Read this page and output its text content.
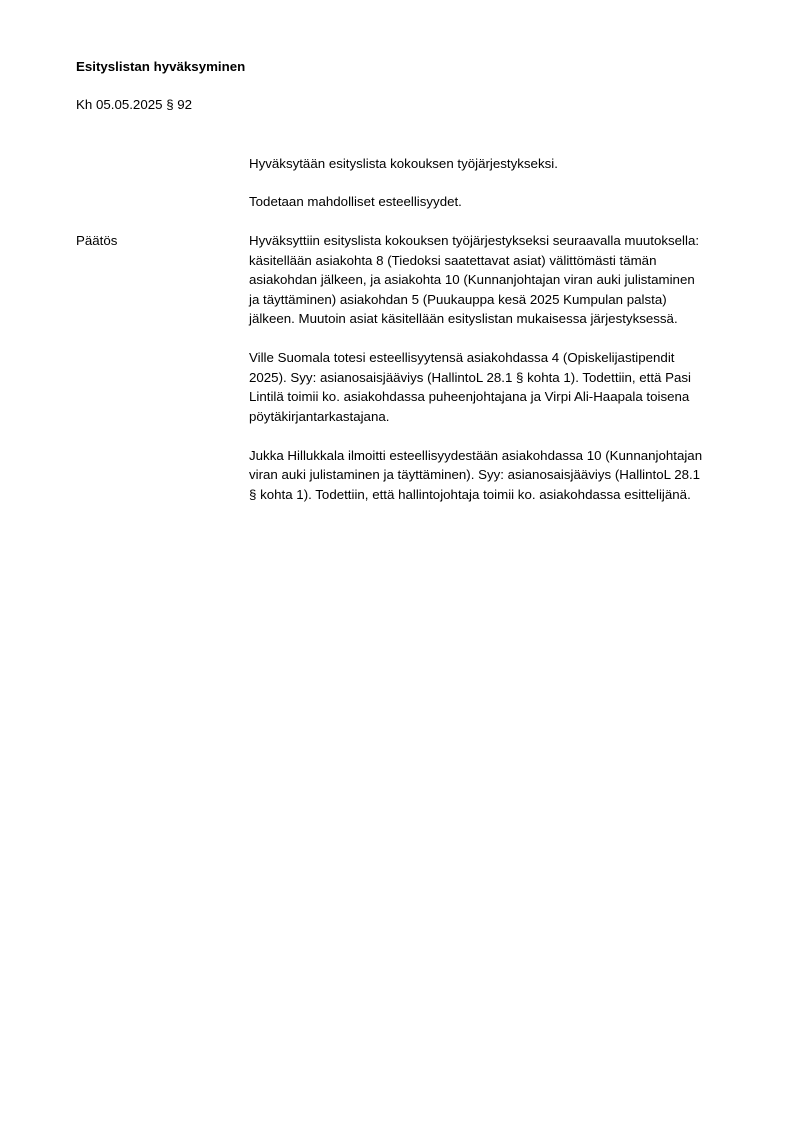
Esityslistan hyväksyminen
Kh 05.05.2025 § 92

Hyväksytään esityslista kokouksen työjärjestykseksi.

Todetaan mahdolliset esteellisyydet.

Päätös	Hyväksyttiin esityslista kokouksen työjärjestykseksi seuraavalla muutoksella:
käsitellään asiakohta 8 (Tiedoksi saatettavat asiat) välittömästi tämän
asiakohdan jälkeen, ja asiakohta 10 (Kunnanjohtajan viran auki julistaminen
ja täyttäminen) asiakohdan 5 (Puukauppa kesä 2025 Kumpulan palsta)
jälkeen. Muutoin asiat käsitellään esityslistan mukaisessa järjestyksessä.

Ville Suomala totesi esteellisyytensä asiakohdassa 4 (Opiskelijastipendit
2025). Syy: asianosaisjääviys (HallintoL 28.1 § kohta 1). Todettiin, että Pasi
Lintilä toimii ko. asiakohdassa puheenjohtajana ja Virpi Ali-Haapala toisena
pöytäkirjantarkastajana.

Jukka Hillukkala ilmoitti esteellisyydestään asiakohdassa 10 (Kunnanjohtajan
viran auki julistaminen ja täyttäminen). Syy: asianosaisjääviys (HallintoL 28.1
§ kohta 1). Todettiin, että hallintojohtaja toimii ko. asiakohdassa esittelijänä.
